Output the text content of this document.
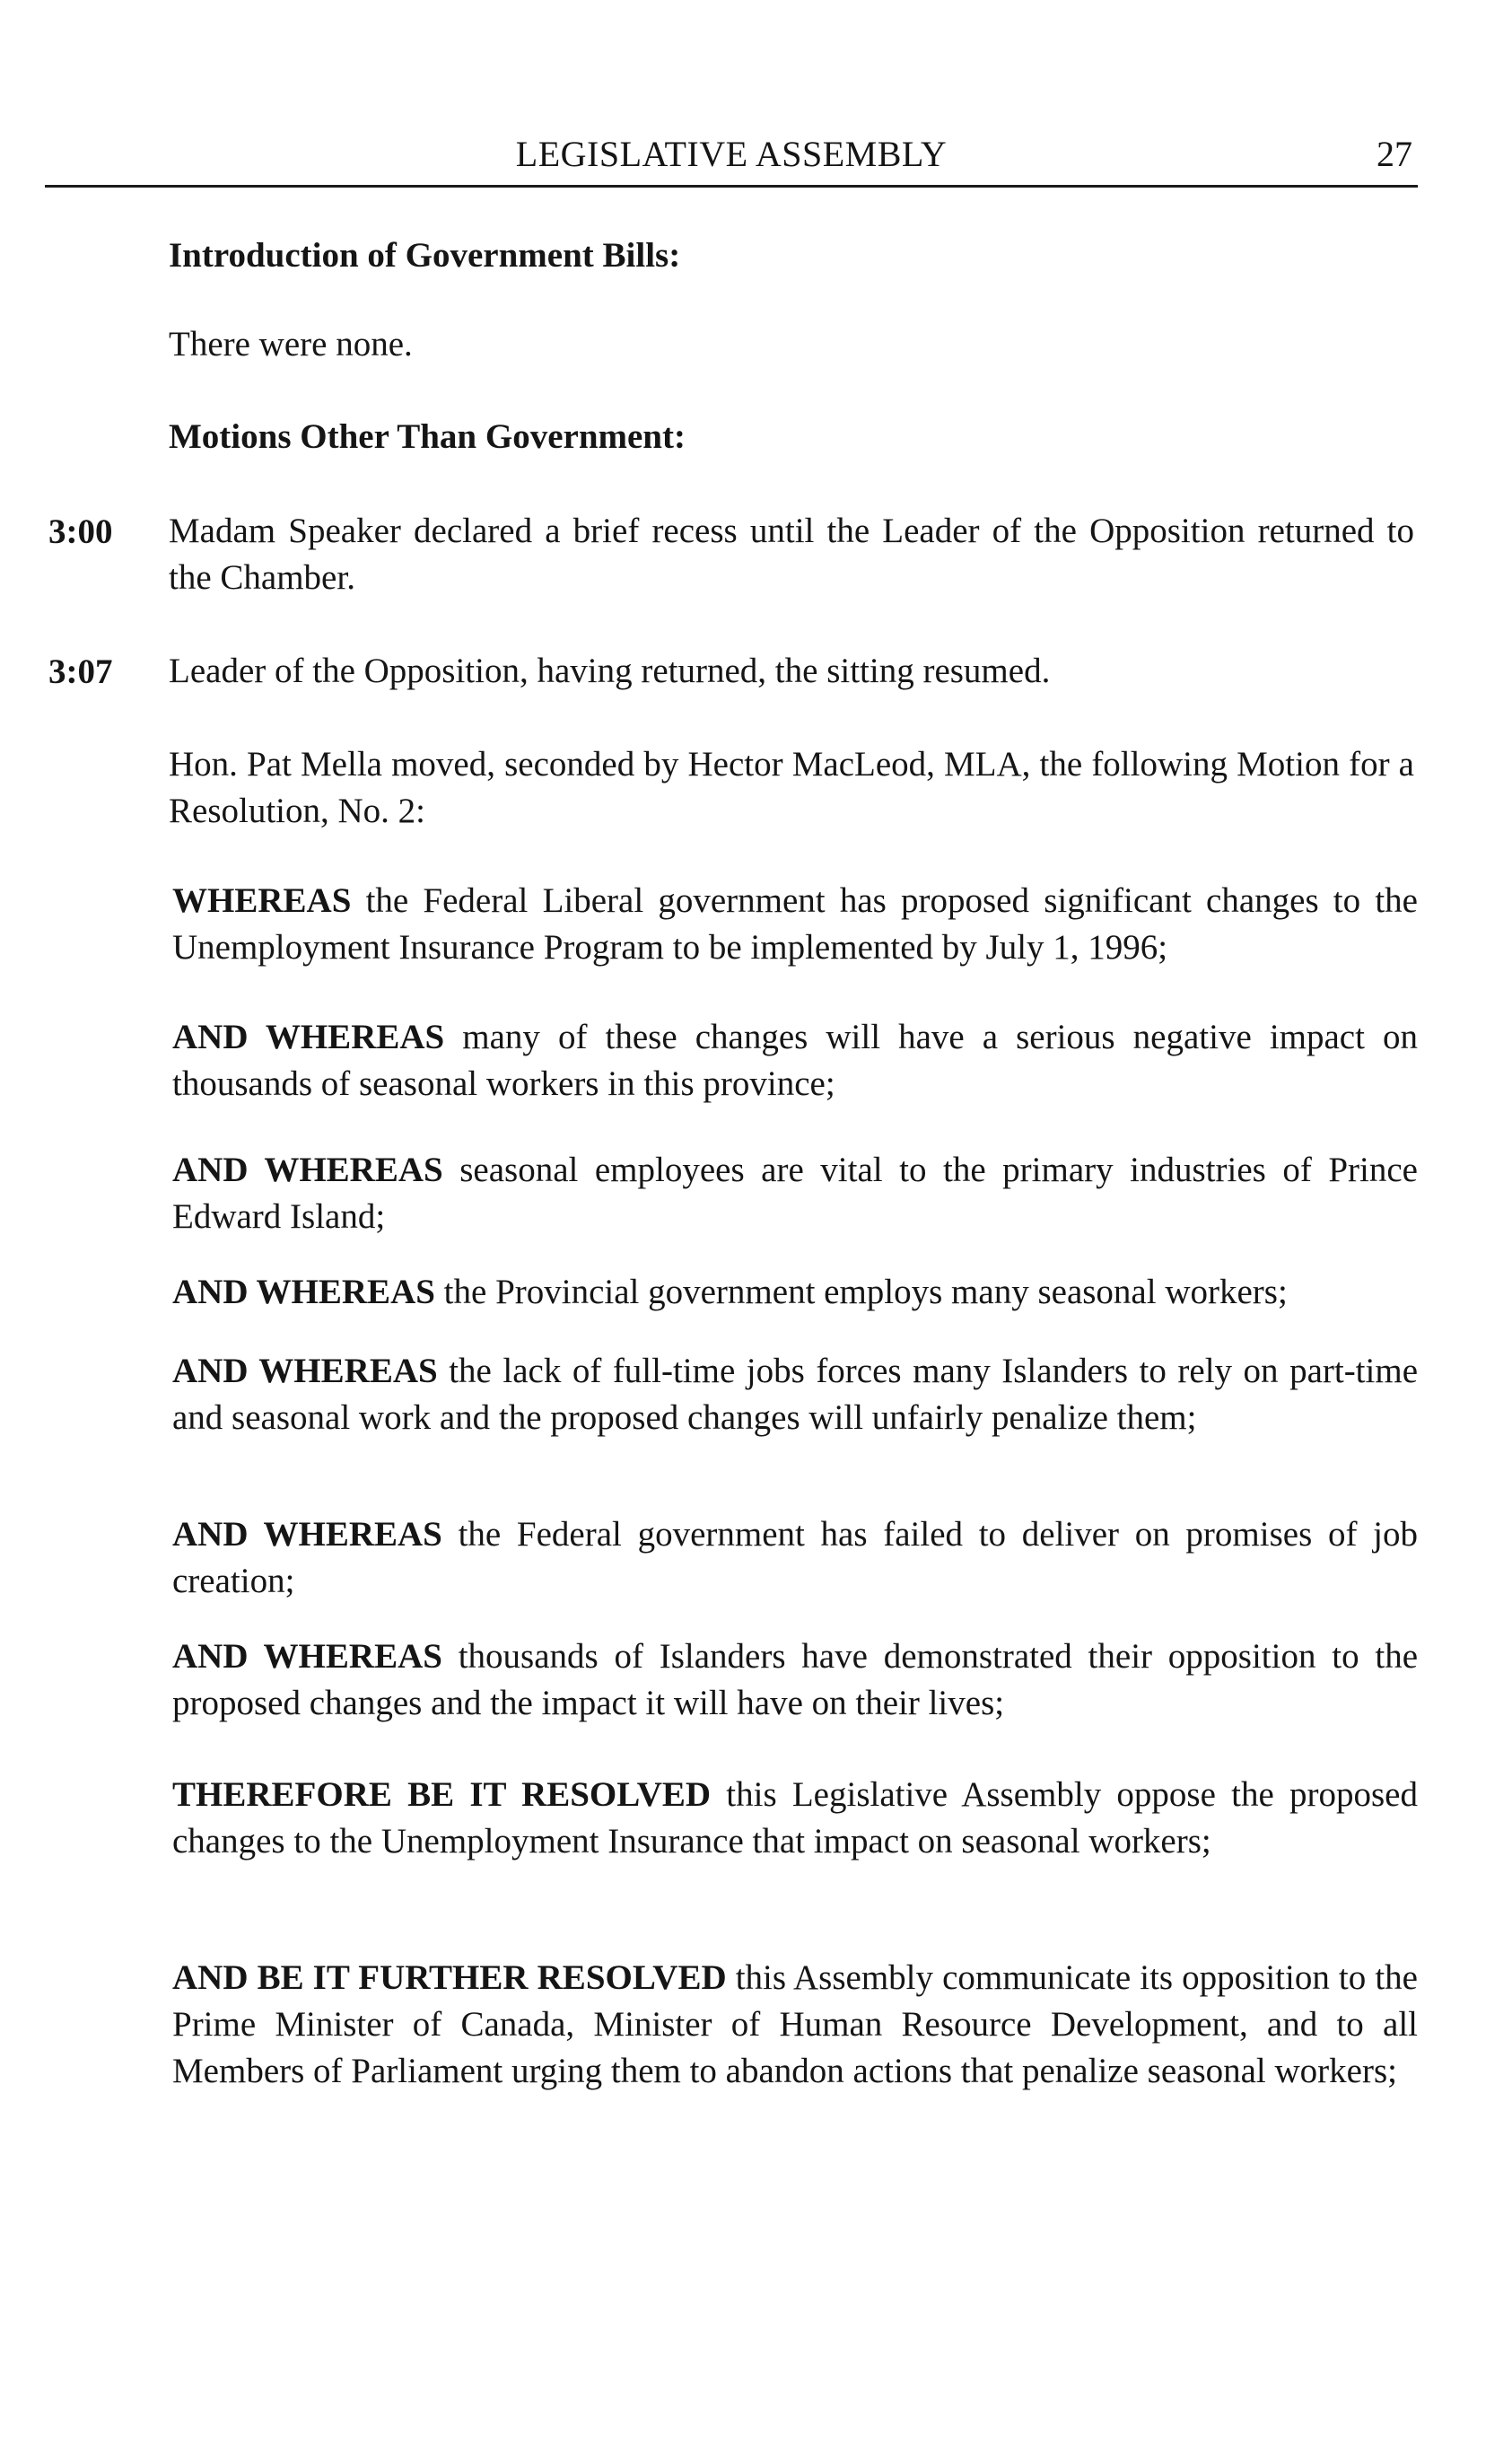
LEGISLATIVE ASSEMBLY	27
Introduction of Government Bills:
There were none.
Motions Other Than Government:
3:00 Madam Speaker declared a brief recess until the Leader of the Opposition returned to the Chamber.
3:07 Leader of the Opposition, having returned, the sitting resumed.
Hon. Pat Mella moved, seconded by Hector MacLeod, MLA, the following Motion for a Resolution, No. 2:
WHEREAS the Federal Liberal government has proposed significant changes to the Unemployment Insurance Program to be implemented by July 1, 1996;
AND WHEREAS many of these changes will have a serious negative impact on thousands of seasonal workers in this province;
AND WHEREAS seasonal employees are vital to the primary industries of Prince Edward Island;
AND WHEREAS the Provincial government employs many seasonal workers;
AND WHEREAS the lack of full-time jobs forces many Islanders to rely on part-time and seasonal work and the proposed changes will unfairly penalize them;
AND WHEREAS the Federal government has failed to deliver on promises of job creation;
AND WHEREAS thousands of Islanders have demonstrated their opposition to the proposed changes and the impact it will have on their lives;
THEREFORE BE IT RESOLVED this Legislative Assembly oppose the proposed changes to the Unemployment Insurance that impact on seasonal workers;
AND BE IT FURTHER RESOLVED this Assembly communicate its opposition to the Prime Minister of Canada, Minister of Human Resource Development, and to all Members of Parliament urging them to abandon actions that penalize seasonal workers;
